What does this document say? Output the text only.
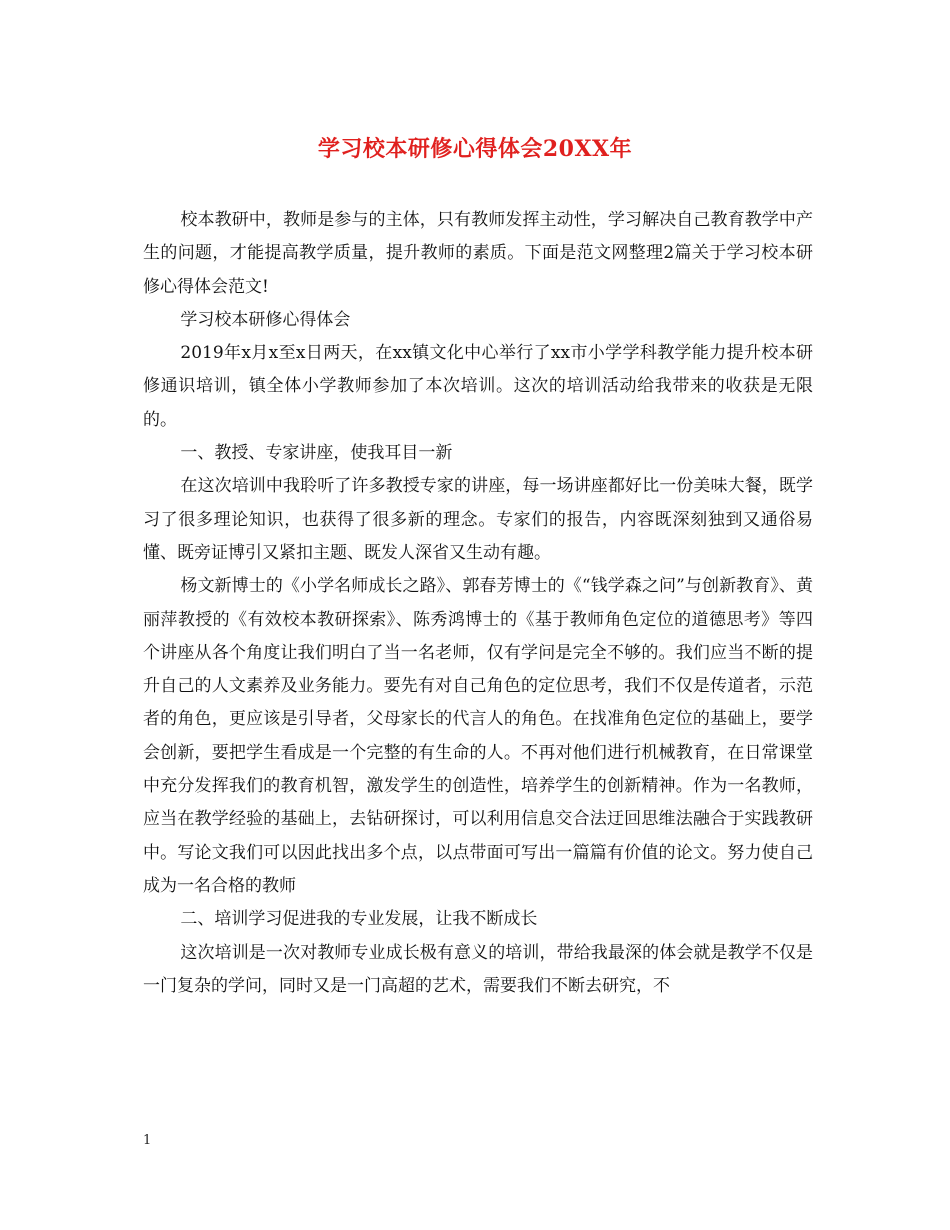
学习校本研修心得体会20XX年

校本教研中，教师是参与的主体，只有教师发挥主动性，学习解决自己教育教学中产生的问题，才能提高教学质量，提升教师的素质。下面是范文网整理2篇关于学习校本研修心得体会范文!

学习校本研修心得体会

2019年x月x至x日两天，在xx镇文化中心举行了xx市小学学科教学能力提升校本研修通识培训，镇全体小学教师参加了本次培训。这次的培训活动给我带来的收获是无限的。

一、教授、专家讲座，使我耳目一新

在这次培训中我聆听了许多教授专家的讲座，每一场讲座都好比一份美味大餐，既学习了很多理论知识，也获得了很多新的理念。专家们的报告，内容既深刻独到又通俗易懂、既旁证博引又紧扣主题、既发人深省又生动有趣。

杨文新博士的《小学名师成长之路》、郭春芳博士的《“钱学森之问”与创新教育》、黄丽萍教授的《有效校本教研探索》、陈秀鸿博士的《基于教师角色定位的道德思考》等四个讲座从各个角度让我们明白了当一名老师，仅有学问是完全不够的。我们应当不断的提升自己的人文素养及业务能力。要先有对自己角色的定位思考，我们不仅是传道者，示范者的角色，更应该是引导者，父母家长的代言人的角色。在找准角色定位的基础上，要学会创新，要把学生看成是一个完整的有生命的人。不再对他们进行机械教育，在日常课堂中充分发挥我们的教育机智，激发学生的创造性，培养学生的创新精神。作为一名教师，应当在教学经验的基础上，去钻研探讨，可以利用信息交合法迂回思维法融合于实践教研中。写论文我们可以因此找出多个点，以点带面可写出一篇篇有价值的论文。努力使自己成为一名合格的教师

二、培训学习促进我的专业发展，让我不断成长

这次培训是一次对教师专业成长极有意义的培训，带给我最深的体会就是教学不仅是一门复杂的学问，同时又是一门高超的艺术，需要我们不断去研究，不

1
